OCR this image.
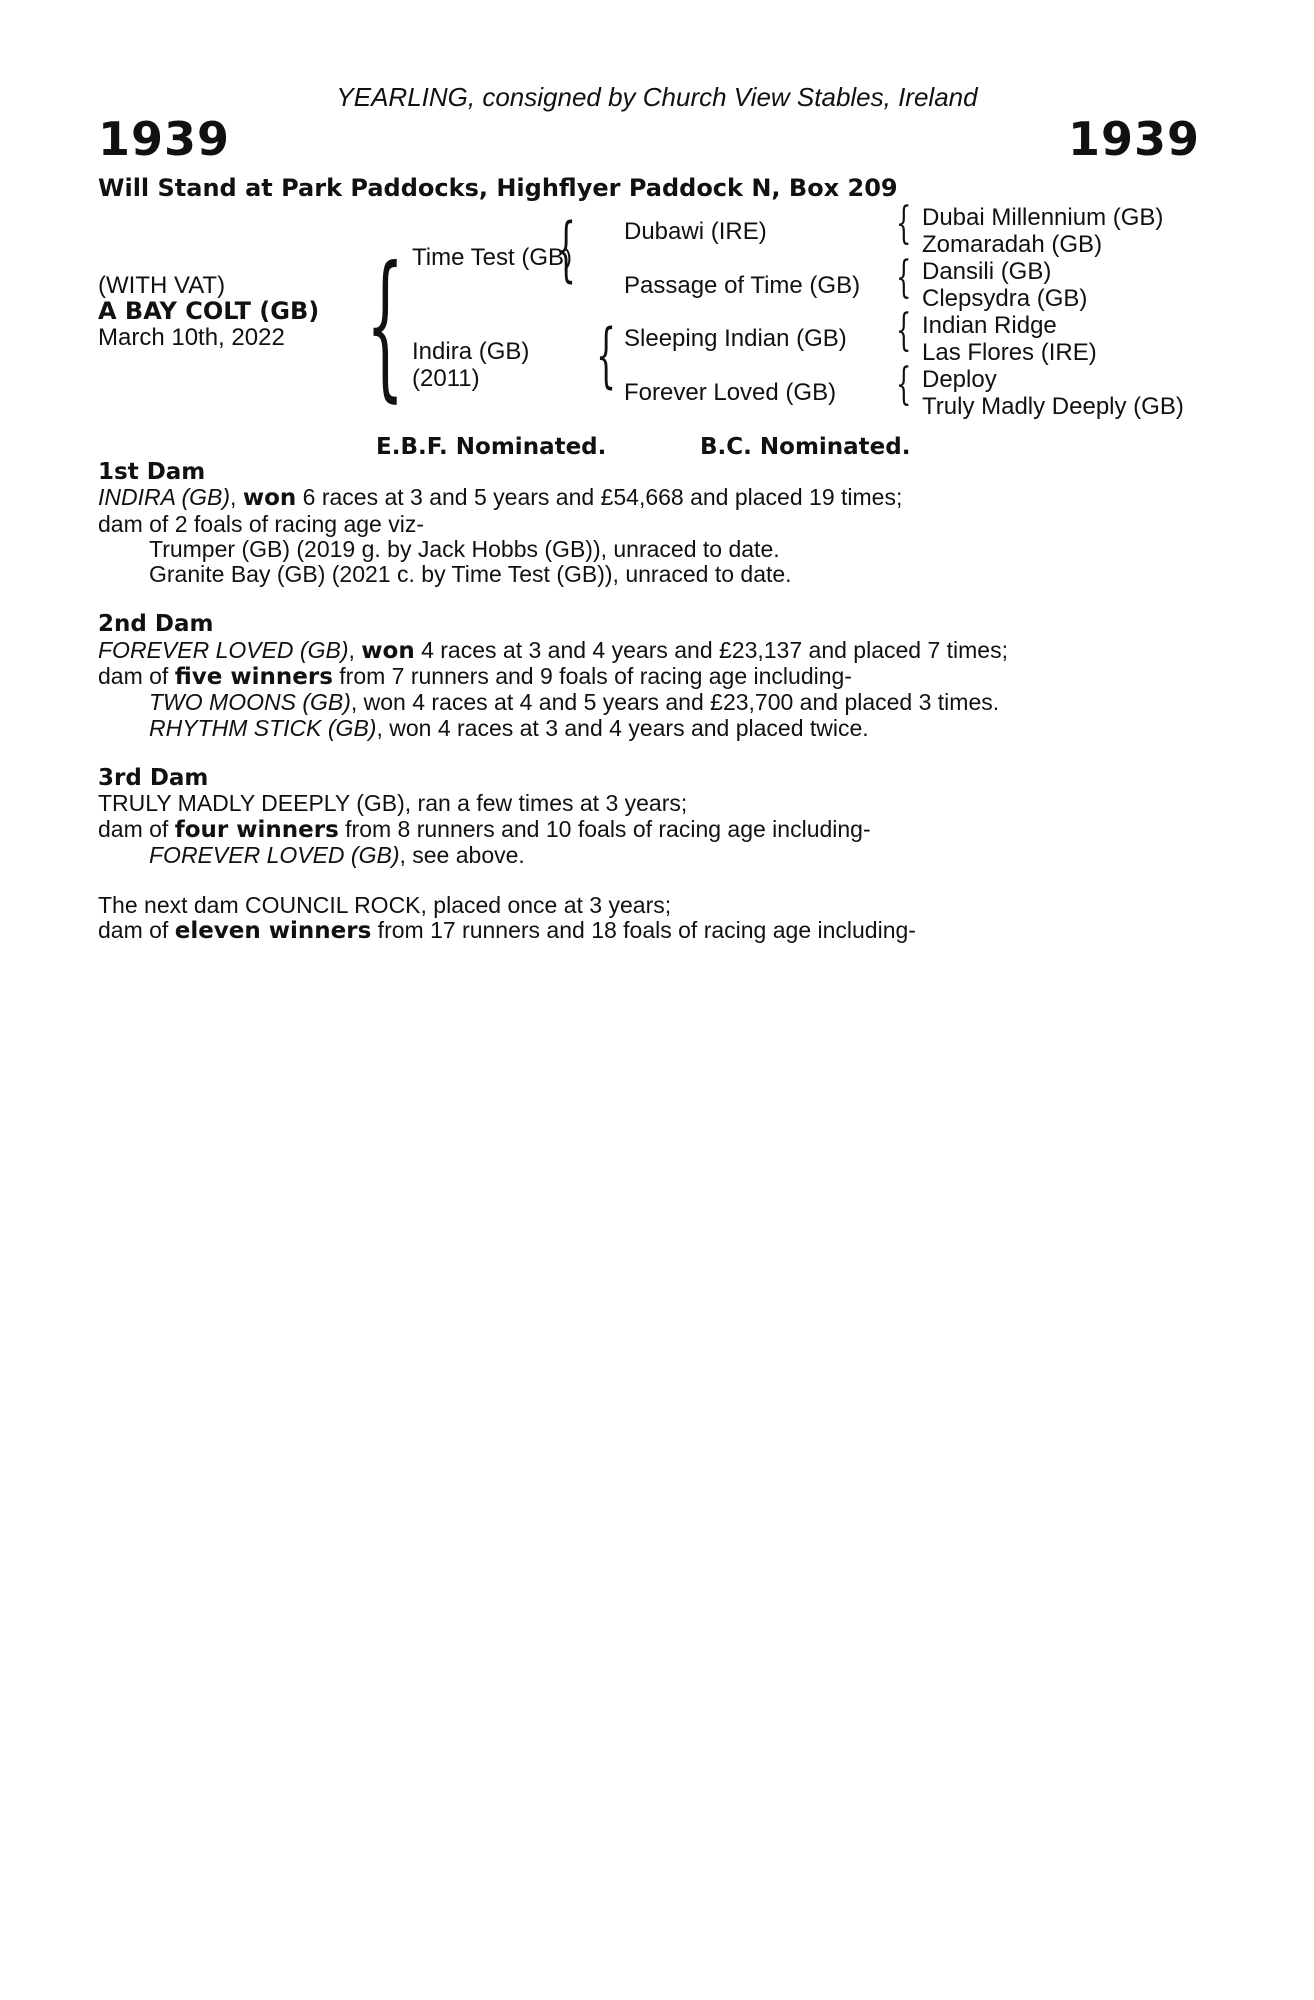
YEARLING, consigned by Church View Stables, Ireland
1939	1939
Will Stand at Park Paddocks, Highflyer Paddock N, Box 209
(WITH VAT)
A BAY COLT (GB)
March 10th, 2022 { {
{
{
{
{
{
Time Test (GB)
Indira (GB)
(2011)
Dubawi (IRE)
Passage of Time (GB)
Sleeping Indian (GB)
Forever Loved (GB)
Dubai Millennium (GB)
Zomaradah (GB)
Dansili (GB)
Clepsydra (GB)
Indian Ridge
Las Flores (IRE)
Deploy
Truly Madly Deeply (GB)
E.B.F. Nominated.	B.C. Nominated.

1st Dam

INDIRA (GB), won 6 races at 3 and 5 years and £54,668 and placed 19 times;

dam of 2 foals of racing age viz-

Trumper (GB) (2019 g. by Jack Hobbs (GB)), unraced to date.

Granite Bay (GB) (2021 c. by Time Test (GB)), unraced to date.

2nd Dam

FOREVER LOVED (GB), won 4 races at 3 and 4 years and £23,137 and placed 7 times;

dam of five winners from 7 runners and 9 foals of racing age including-

TWO MOONS (GB), won 4 races at 4 and 5 years and £23,700 and placed 3 times.

RHYTHM STICK (GB), won 4 races at 3 and 4 years and placed twice.

3rd Dam

TRULY MADLY DEEPLY (GB), ran a few times at 3 years;

dam of four winners from 8 runners and 10 foals of racing age including-

FOREVER LOVED (GB), see above.

The next dam COUNCIL ROCK, placed once at 3 years;

dam of eleven winners from 17 runners and 18 foals of racing age including-
